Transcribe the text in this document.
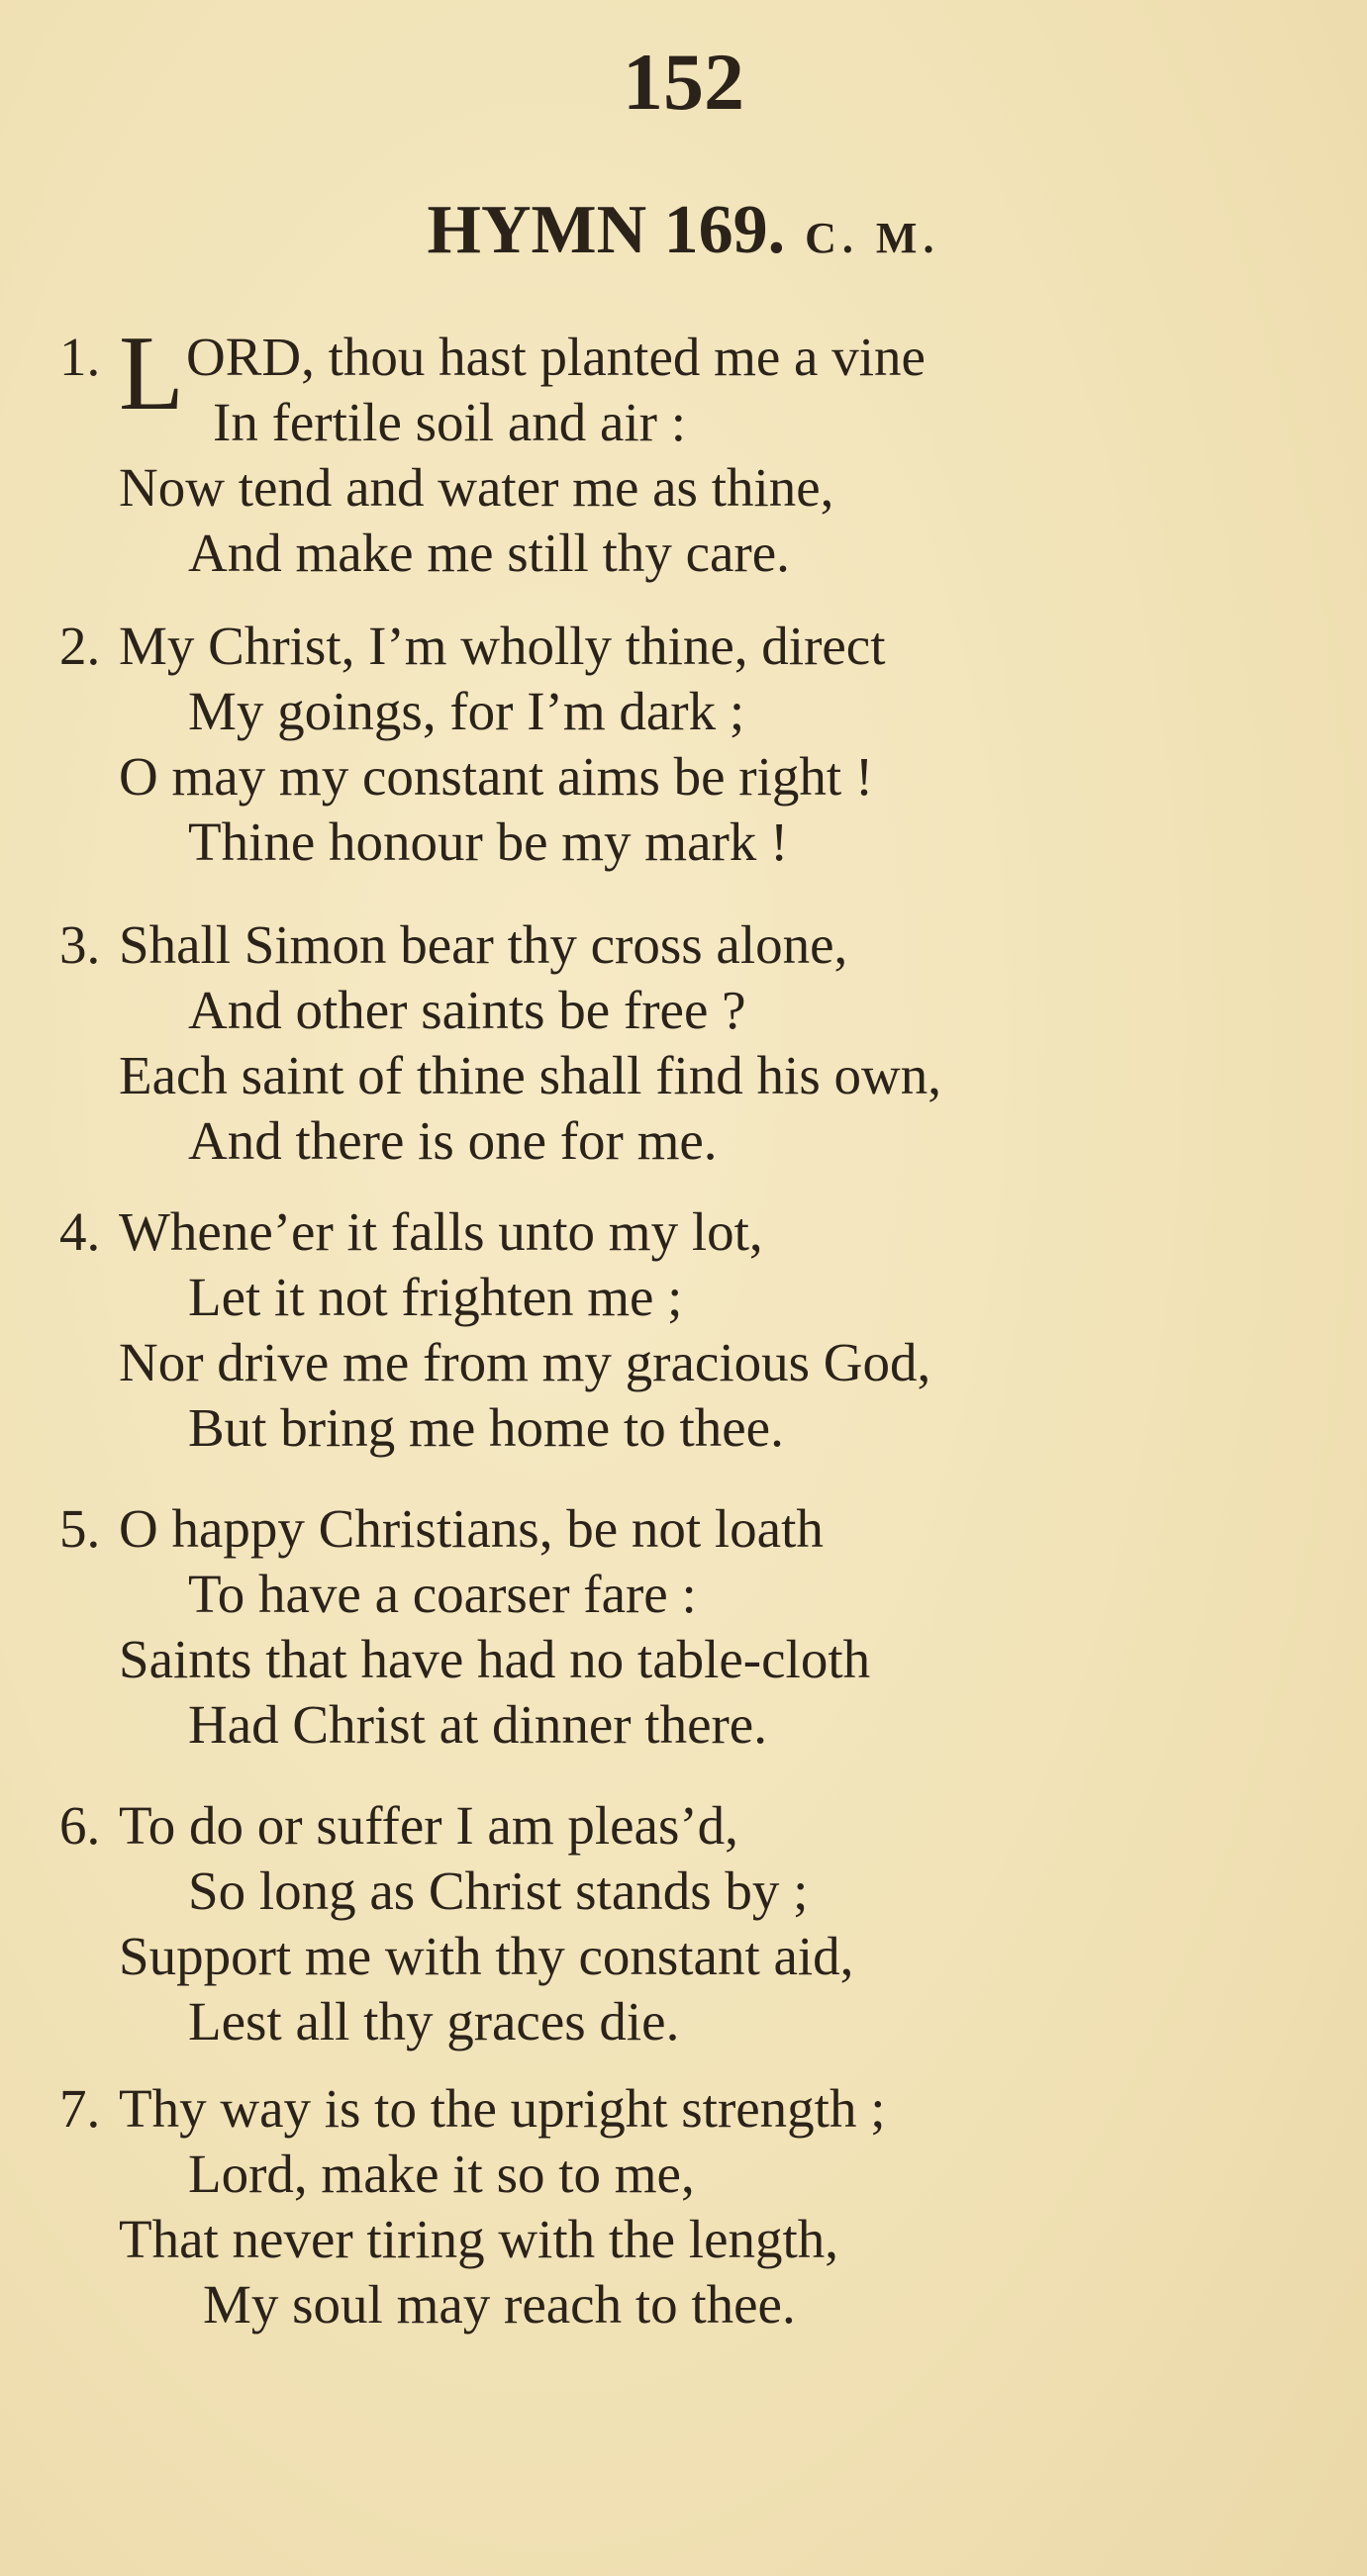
152
HYMN 169. C. M.
1. LORD, thou hast planted me a vine
In fertile soil and air :
Now tend and water me as thine,
And make me still thy care.
2. My Christ, I’m wholly thine, direct
My goings, for I’m dark ;
O may my constant aims be right !
Thine honour be my mark !
3. Shall Simon bear thy cross alone,
And other saints be free ?
Each saint of thine shall find his own,
And there is one for me.
4. Whene’er it falls unto my lot,
Let it not frighten me ;
Nor drive me from my gracious God,
But bring me home to thee.
5. O happy Christians, be not loath
To have a coarser fare :
Saints that have had no table-cloth
Had Christ at dinner there.
6. To do or suffer I am pleas’d,
So long as Christ stands by ;
Support me with thy constant aid,
Lest all thy graces die.
7. Thy way is to the upright strength ;
Lord, make it so to me,
That never tiring with the length,
My soul may reach to thee.
